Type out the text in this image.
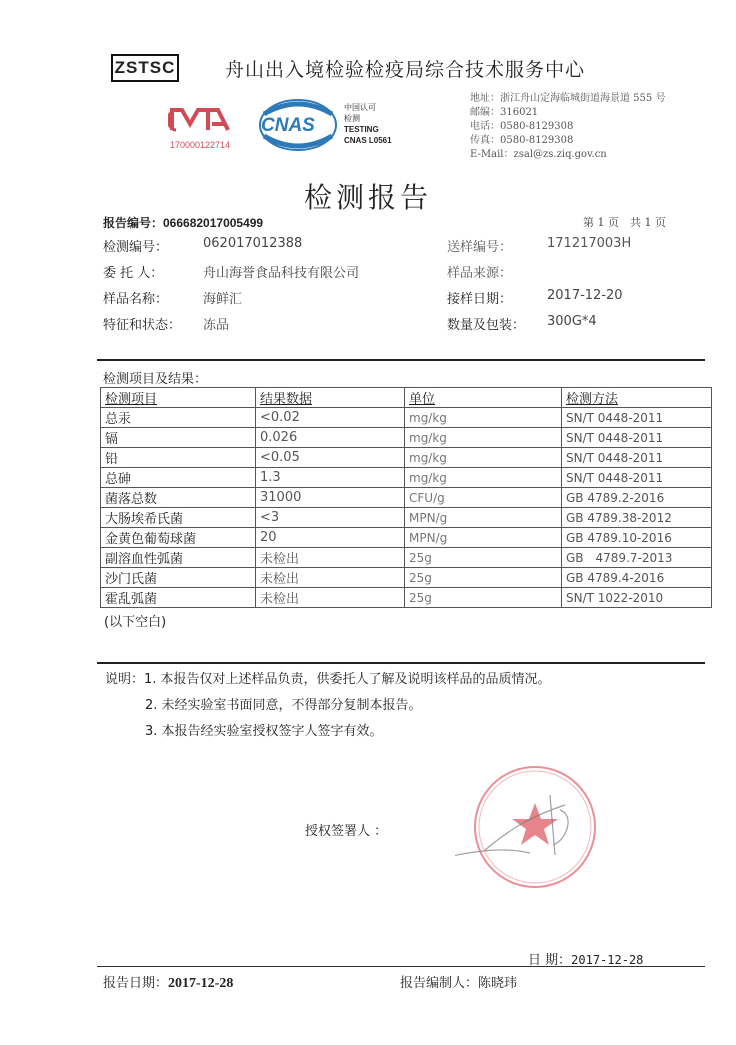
ZSTSC	舟山出入境检验检疫局综合技术服务中心
170000122714
CNAS
中国认可
检测
TESTING
CNAS L0561
地址：浙江舟山定海临城街道海景道 555 号
邮编：316021
电话：0580-8129308
传真：0580-8129308
E-Mail：zsal@zs.ziq.gov.cn
检测报告
报告编号：066682017005499	第 1 页　共 1 页
检测编号：	062017012388
委 托 人：	舟山海誉食品科技有限公司
样品名称：	海鲜汇
特征和状态： 冻品
送样编号：	171217003H
样品来源：
接样日期：	2017-12-20
数量及包装： 300G*4
检测项目及结果：
检测项目	结果数据	单位	检测方法
总汞	<0.02	mg/kg	SN/T 0448-2011
镉	0.026	mg/kg	SN/T 0448-2011
铅	<0.05	mg/kg	SN/T 0448-2011
总砷	1.3	mg/kg	SN/T 0448-2011
菌落总数	31000	CFU/g	GB 4789.2-2016
大肠埃希氏菌	<3	MPN/g	GB 4789.38-2012
金黄色葡萄球菌	20	MPN/g	GB 4789.10-2016
副溶血性弧菌	未检出	25g	GB　4789.7-2013
沙门氏菌	未检出	25g	GB 4789.4-2016
霍乱弧菌	未检出	25g	SN/T 1022-2010
(以下空白)
说明：1. 本报告仅对上述样品负责，供委托人了解及说明该样品的品质情况。
2. 未经实验室书面同意，不得部分复制本报告。
3. 本报告经实验室授权签字人签字有效。
授权签署人 ：
日 期：2017-12-28
报告日期：2017-12-28	报告编制人：陈晓玮
